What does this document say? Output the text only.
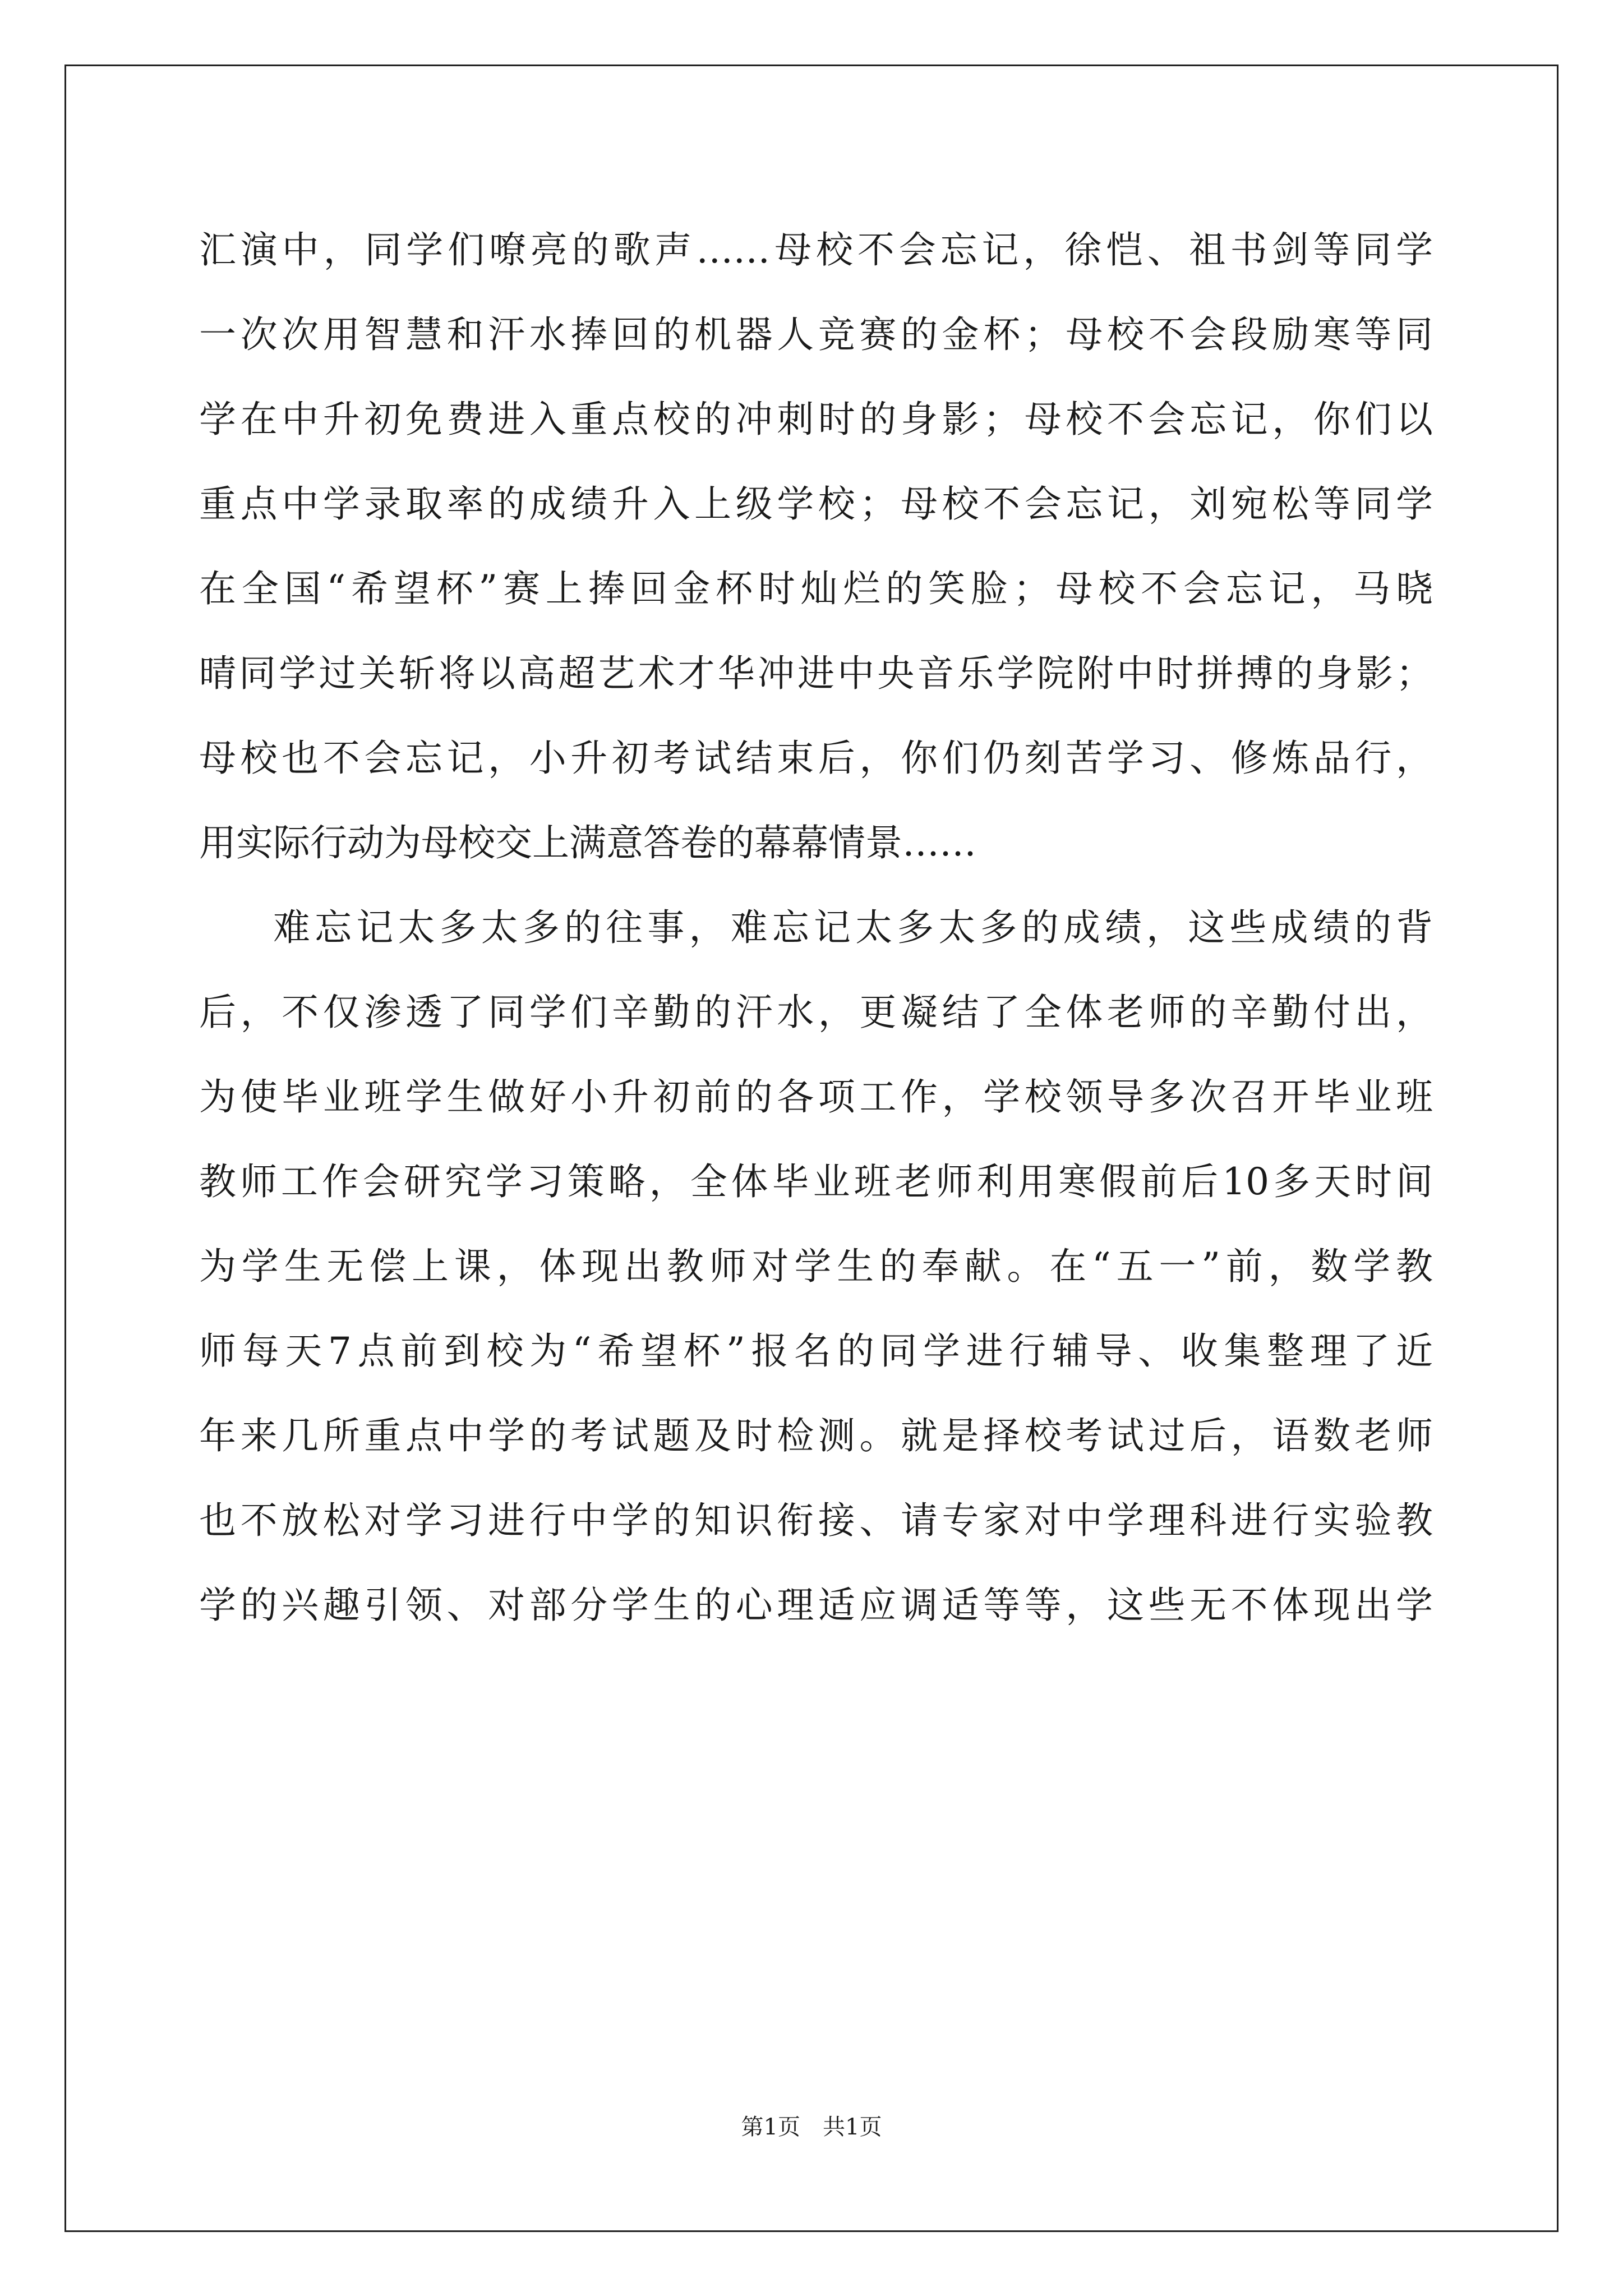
汇演中，同学们嘹亮的歌声……母校不会忘记，徐恺、祖书剑等同学
一次次用智慧和汗水捧回的机器人竞赛的金杯；母校不会段励寒等同
学在中升初免费进入重点校的冲刺时的身影；母校不会忘记，你们以
重点中学录取率的成绩升入上级学校；母校不会忘记，刘宛松等同学
在全国“希望杯”赛上捧回金杯时灿烂的笑脸；母校不会忘记，马晓
晴同学过关斩将以高超艺术才华冲进中央音乐学院附中时拼搏的身影；
母校也不会忘记，小升初考试结束后，你们仍刻苦学习、修炼品行，
用实际行动为母校交上满意答卷的幕幕情景……
难忘记太多太多的往事，难忘记太多太多的成绩，这些成绩的背
后，不仅渗透了同学们辛勤的汗水，更凝结了全体老师的辛勤付出，
为使毕业班学生做好小升初前的各项工作，学校领导多次召开毕业班
教师工作会研究学习策略，全体毕业班老师利用寒假前后10多天时间
为学生无偿上课，体现出教师对学生的奉献。在“五一”前，数学教
师每天7点前到校为“希望杯”报名的同学进行辅导、收集整理了近
年来几所重点中学的考试题及时检测。就是择校考试过后，语数老师
也不放松对学习进行中学的知识衔接、请专家对中学理科进行实验教
学的兴趣引领、对部分学生的心理适应调适等等，这些无不体现出学
第1页　共1页
